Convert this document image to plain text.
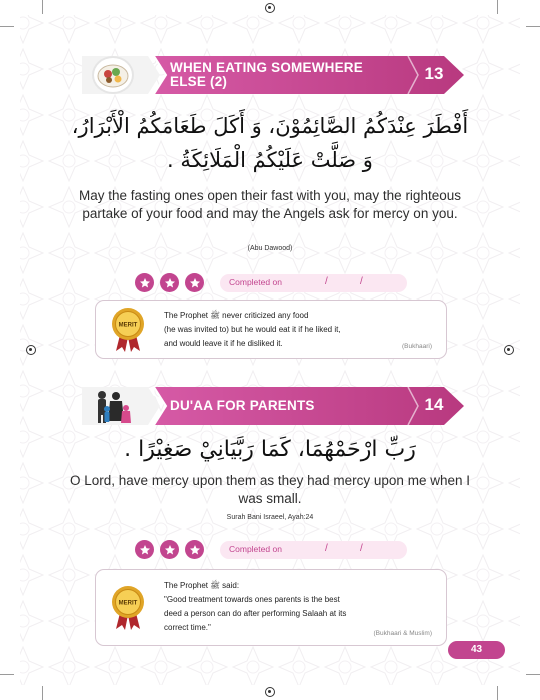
WHEN EATING SOMEWHERE ELSE (2)	13
أَفْطَرَ عِنْدَكُمُ الصَّائِمُوْنَ، وَ أَكَلَ طَعَامَكُمُ الْأَبْرَارُ،
وَ صَلَّتْ عَلَيْكُمُ الْمَلَائِكَةُ .
May the fasting ones open their fast with you, may the righteous partake of your food and may the Angels ask for mercy on you.
(Abu Dawood)
Completed on	/	/
MERIT
The Prophet ﷺ never criticized any food
(he was invited to) but he would eat it if he liked it,
and would leave it if he disliked it.	(Bukhaari)
DU'AA FOR PARENTS	14
رَبِّ ارْحَمْهُمَا، كَمَا رَبَّيَانِيْ صَغِيْرًا .
O Lord, have mercy upon them as they had mercy upon me when I was small.
Surah Bani Israeel, Ayah:24
Completed on	/	/
MERIT
The Prophet ﷺ said:
"Good treatment towards ones parents is the best
deed a person can do after performing Salaah at its
correct time."
(Bukhaari & Muslim)
43
